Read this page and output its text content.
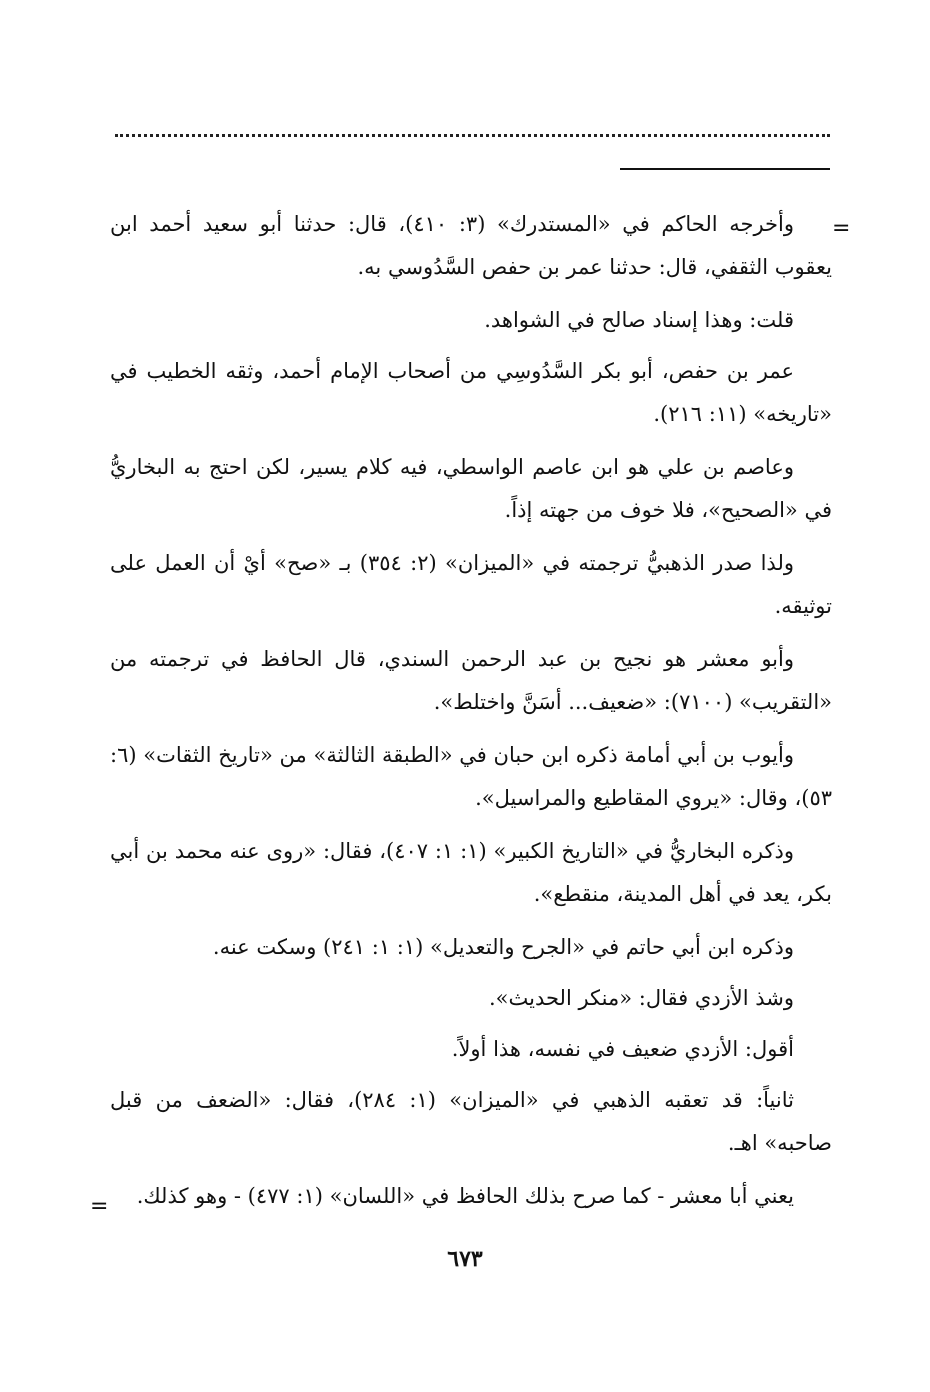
=

وأخرجه الحاكم في «المستدرك» (٣: ٤١٠)، قال: حدثنا أبو سعيد أحمد ابن يعقوب الثقفي، قال: حدثنا عمر بن حفص السَّدُوسي به.

قلت: وهذا إسناد صالح في الشواهد.

عمر بن حفص، أبو بكر السَّدُوسِي من أصحاب الإمام أحمد، وثقه الخطيب في «تاريخه» (١١: ٢١٦).

وعاصم بن علي هو ابن عاصم الواسطي، فيه كلام يسير، لكن احتج به البخاريُّ في «الصحيح»، فلا خوف من جهته إذاً.

ولذا صدر الذهبيُّ ترجمته في «الميزان» (٢: ٣٥٤) بـ «صح» أيْ أن العمل على توثيقه.

وأبو معشر هو نجيح بن عبد الرحمن السندي، قال الحافظ في ترجمته من «التقريب» (٧١٠٠): «ضعيف... أسَنَّ واختلط».

وأيوب بن أبي أمامة ذكره ابن حبان في «الطبقة الثالثة» من «تاريخ الثقات» (٦: ٥٣)، وقال: «يروي المقاطيع والمراسيل».

وذكره البخاريُّ في «التاريخ الكبير» (١: ١: ٤٠٧)، فقال: «روى عنه محمد بن أبي بكر، يعد في أهل المدينة، منقطع».

وذكره ابن أبي حاتم في «الجرح والتعديل» (١: ١: ٢٤١) وسكت عنه.

وشذ الأزدي فقال: «منكر الحديث».

أقول: الأزدي ضعيف في نفسه، هذا أولاً.

ثانياً: قد تعقبه الذهبي في «الميزان» (١: ٢٨٤)، فقال: «الضعف من قبل صاحبه» اهـ.

يعني أبا معشر - كما صرح بذلك الحافظ في «اللسان» (١: ٤٧٧) - وهو كذلك.

=
٦٧٣
